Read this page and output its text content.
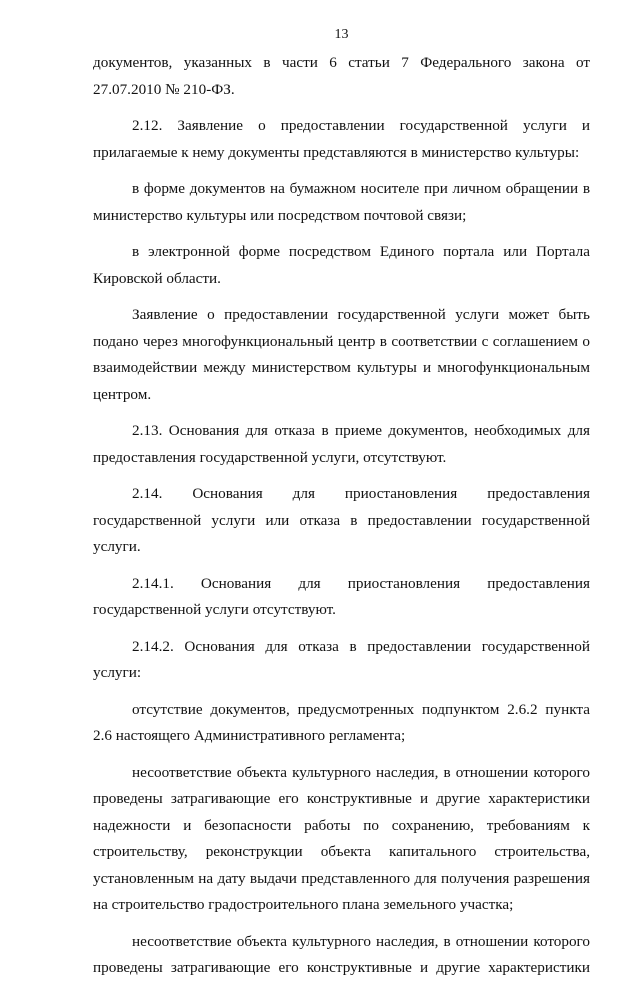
13

документов, указанных в части 6 статьи 7 Федерального закона от 27.07.2010 № 210-ФЗ.

2.12. Заявление о предоставлении государственной услуги и прилагаемые к нему документы представляются в министерство культуры:

в форме документов на бумажном носителе при личном обращении в министерство культуры или посредством почтовой связи;

в электронной форме посредством Единого портала или Портала Кировской области.

Заявление о предоставлении государственной услуги может быть подано через многофункциональный центр в соответствии с соглашением о взаимодействии между министерством культуры и многофункциональным центром.

2.13. Основания для отказа в приеме документов, необходимых для предоставления государственной услуги, отсутствуют.

2.14. Основания для приостановления предоставления государственной услуги или отказа в предоставлении государственной услуги.

2.14.1. Основания для приостановления предоставления государственной услуги отсутствуют.

2.14.2. Основания для отказа в предоставлении государственной услуги:

отсутствие документов, предусмотренных подпунктом 2.6.2 пункта 2.6 настоящего Административного регламента;

несоответствие объекта культурного наследия, в отношении которого проведены затрагивающие его конструктивные и другие характеристики надежности и безопасности работы по сохранению, требованиям к строительству, реконструкции объекта капитального строительства, установленным на дату выдачи представленного для получения разрешения на строительство градостроительного плана земельного участка;

несоответствие объекта культурного наследия, в отношении которого проведены затрагивающие его конструктивные и другие характеристики
